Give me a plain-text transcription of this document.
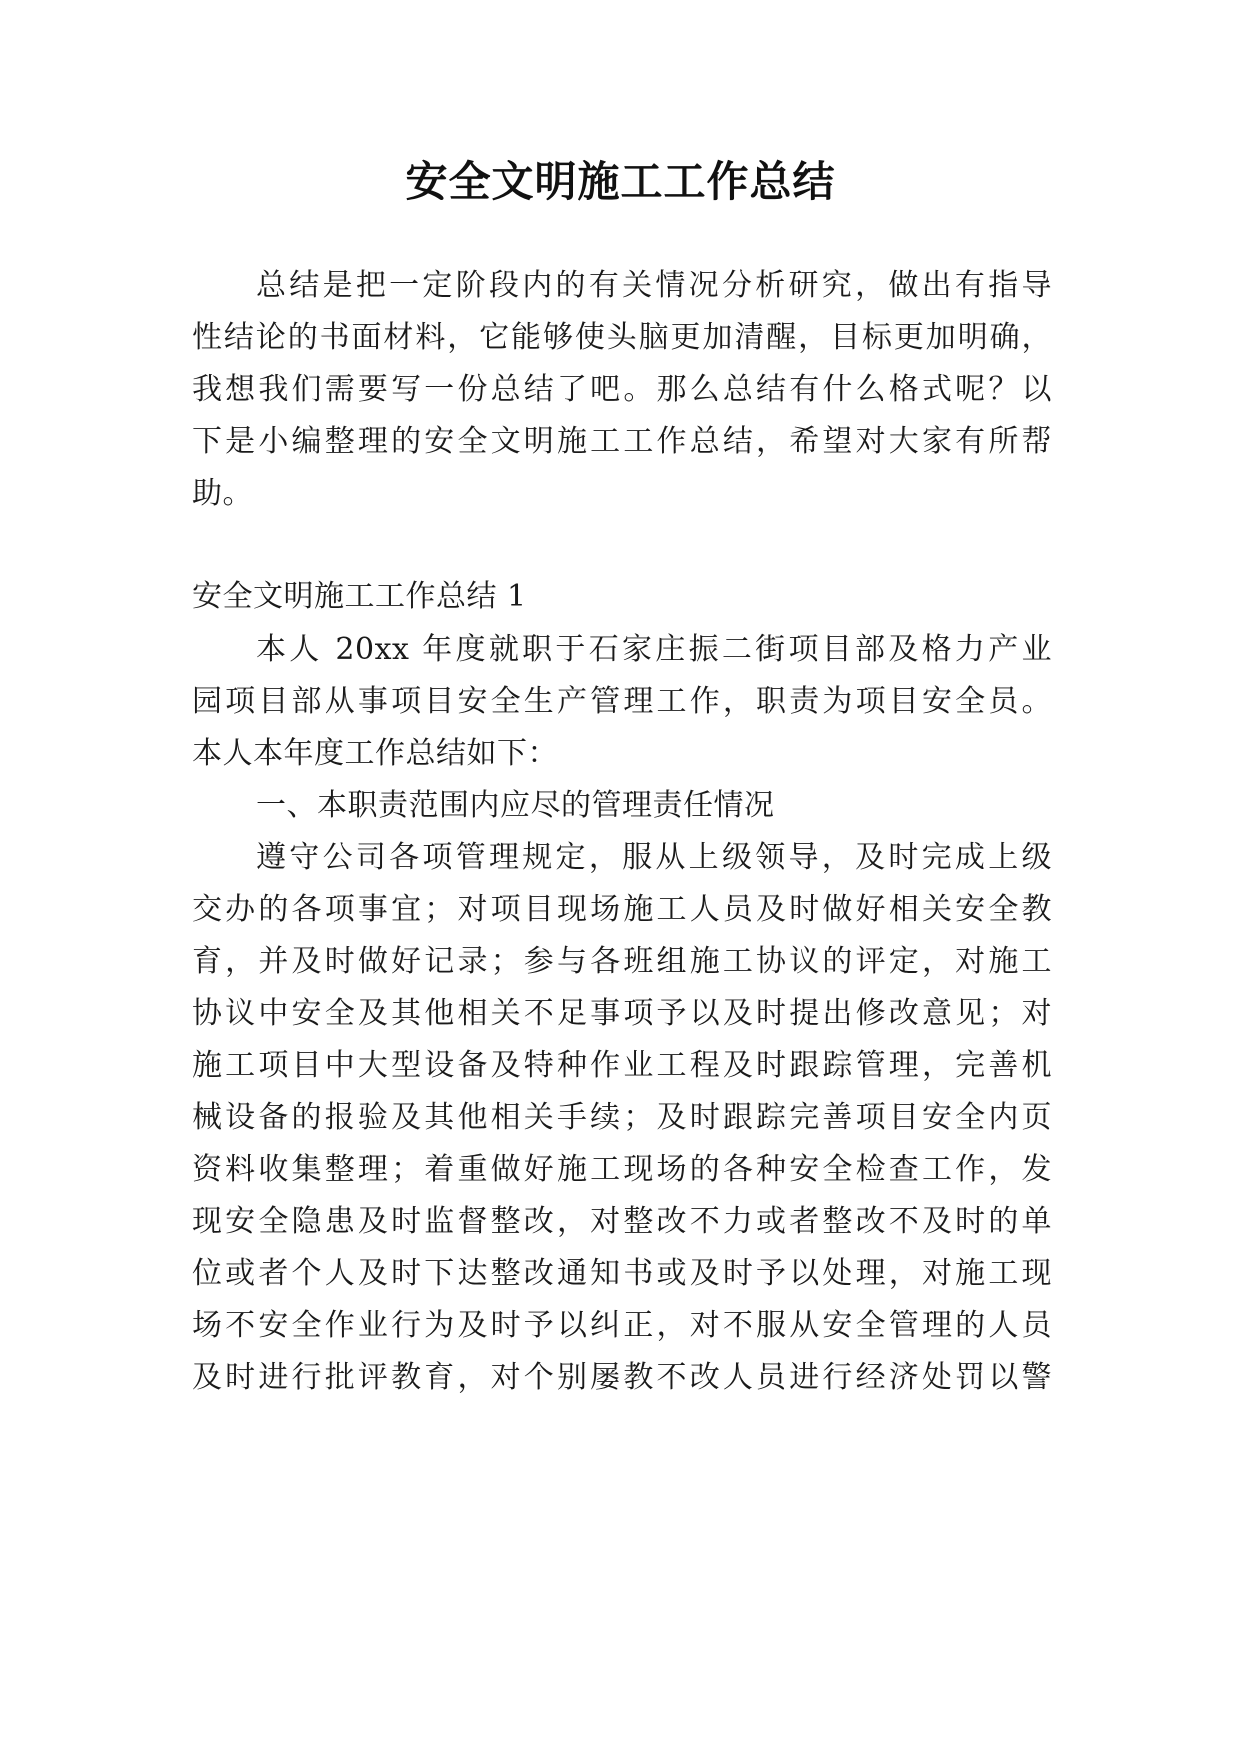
安全文明施工工作总结
总结是把一定阶段内的有关情况分析研究，做出有指导
性结论的书面材料，它能够使头脑更加清醒，目标更加明确，
我想我们需要写一份总结了吧。那么总结有什么格式呢？以
下是小编整理的安全文明施工工作总结，希望对大家有所帮
助。
安全文明施工工作总结 1
本人 20xx 年度就职于石家庄振二街项目部及格力产业
园项目部从事项目安全生产管理工作，职责为项目安全员。
本人本年度工作总结如下：
一、本职责范围内应尽的管理责任情况
遵守公司各项管理规定，服从上级领导，及时完成上级
交办的各项事宜；对项目现场施工人员及时做好相关安全教
育，并及时做好记录；参与各班组施工协议的评定，对施工
协议中安全及其他相关不足事项予以及时提出修改意见；对
施工项目中大型设备及特种作业工程及时跟踪管理，完善机
械设备的报验及其他相关手续；及时跟踪完善项目安全内页
资料收集整理；着重做好施工现场的各种安全检查工作，发
现安全隐患及时监督整改，对整改不力或者整改不及时的单
位或者个人及时下达整改通知书或及时予以处理，对施工现
场不安全作业行为及时予以纠正，对不服从安全管理的人员
及时进行批评教育，对个别屡教不改人员进行经济处罚以警
